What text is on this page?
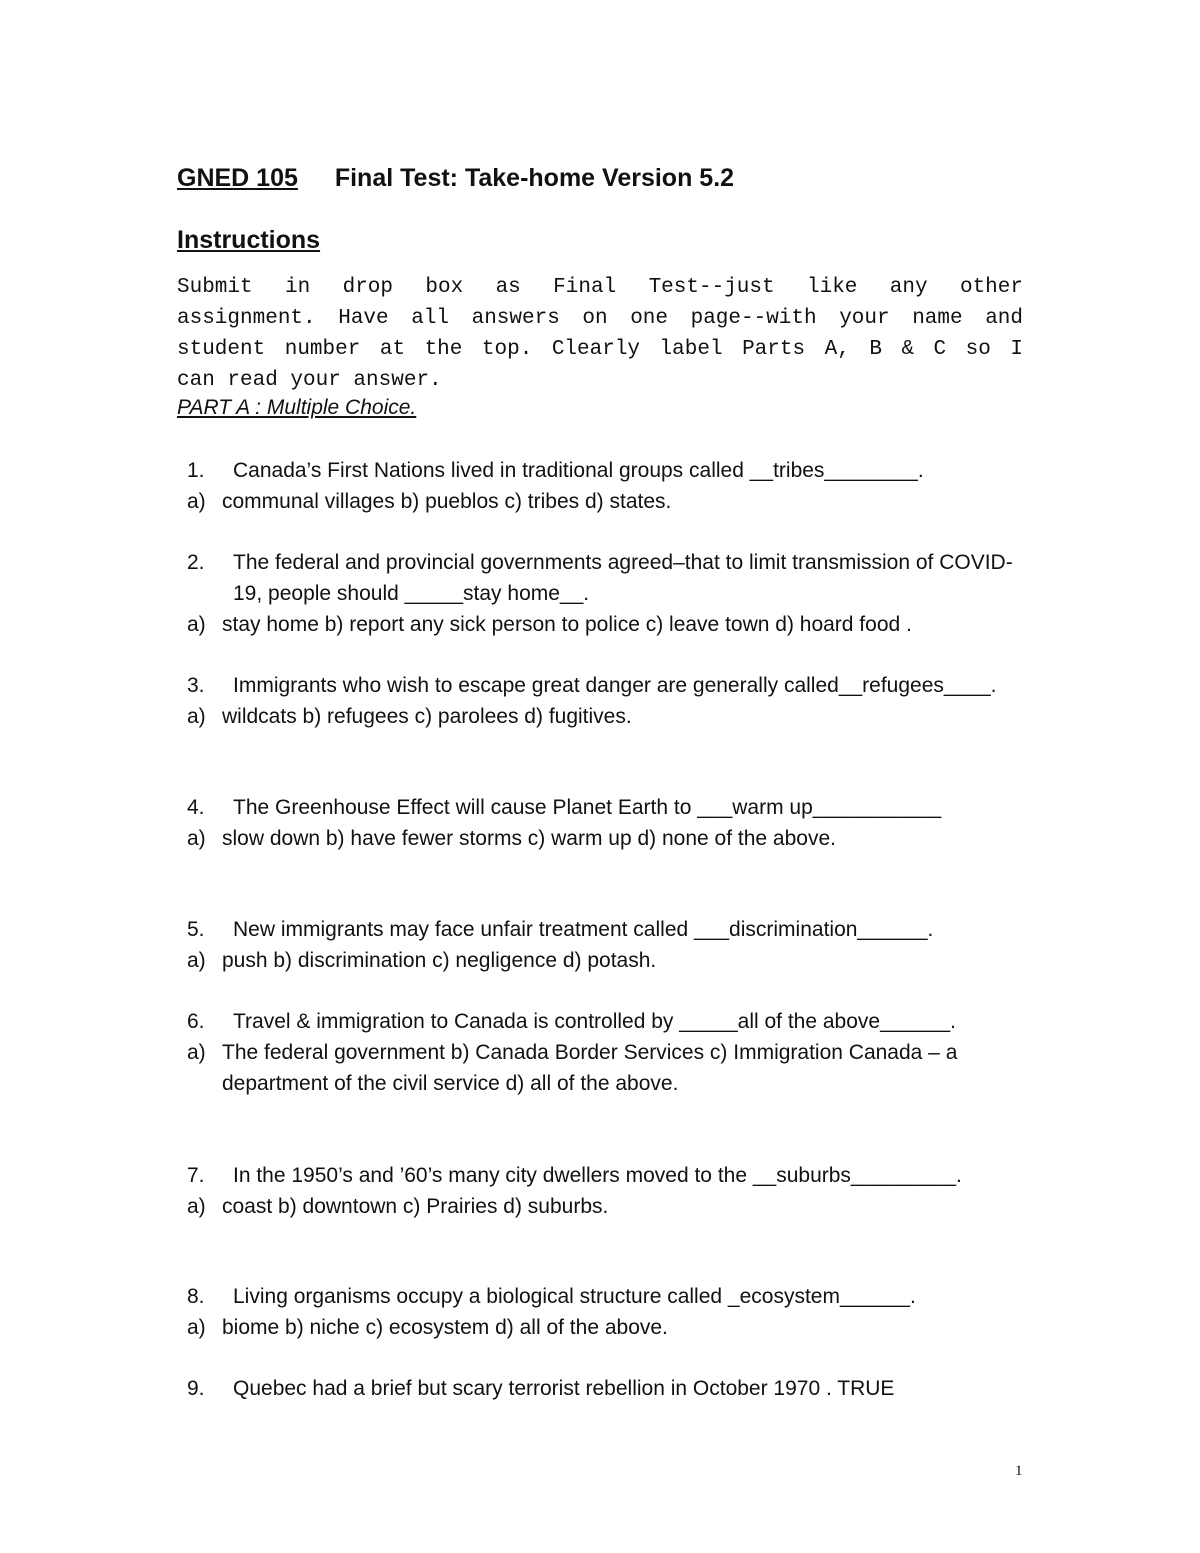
GNED 105 Final Test: Take-home Version 5.2
Instructions
Submit in drop box as Final Test--just like any other
assignment. Have all answers on one page--with your name and
student number at the top. Clearly label Parts A, B & C so I
can read your answer.
PART A : Multiple Choice.
1.	Canada’s First Nations lived in traditional groups called __tribes________.
a) communal villages b) pueblos c) tribes d) states.
2.	The federal and provincial governments agreed–that to limit transmission of COVID-19, people should _____stay home__.
a) stay home b) report any sick person to police c) leave town d) hoard food .
3.	Immigrants who wish to escape great danger are generally called__refugees____.
a) wildcats b) refugees c) parolees d) fugitives.
4.	The Greenhouse Effect will cause Planet Earth to ___warm up___________
a) slow down b) have fewer storms c) warm up d) none of the above.
5.	New immigrants may face unfair treatment called ___discrimination______.
a) push b) discrimination c) negligence d) potash.
6.	Travel & immigration to Canada is controlled by _____all of the above______.
a) The federal government b) Canada Border Services c) Immigration Canada – a department of the civil service d) all of the above.
7.	In the 1950’s and ’60’s many city dwellers moved to the __suburbs_________.
a) coast b) downtown c) Prairies d) suburbs.
8.	Living organisms occupy a biological structure called _ecosystem______.
a) biome b) niche c) ecosystem d) all of the above.
9.	Quebec had a brief but scary terrorist rebellion in October 1970 . TRUE
1
